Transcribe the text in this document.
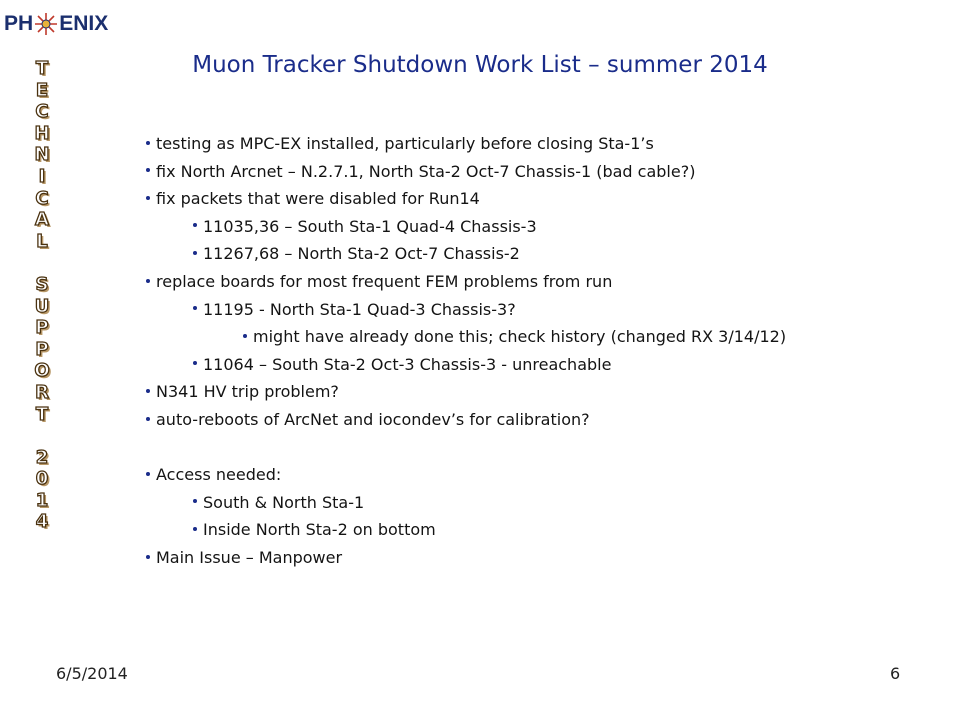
PH ENIX
T
E
C
H
N
I
C
A
L
S
U
P
P
O
R
T
2
0
1
4
Muon Tracker Shutdown Work List – summer 2014
testing as MPC-EX installed, particularly before closing Sta-1’s
fix North Arcnet – N.2.7.1, North Sta-2 Oct-7 Chassis-1 (bad cable?)
fix packets that were disabled for Run14
11035,36 – South Sta-1 Quad-4 Chassis-3
11267,68 – North Sta-2 Oct-7 Chassis-2
replace boards for most frequent FEM problems from run
11195 - North Sta-1 Quad-3 Chassis-3?
might have already done this; check history (changed RX 3/14/12)
11064 – South Sta-2 Oct-3 Chassis-3 - unreachable
N341 HV trip problem?
auto-reboots of ArcNet and iocondev’s for calibration?
Access needed:
South & North Sta-1
Inside North Sta-2 on bottom
Main Issue – Manpower
6/5/2014	6
